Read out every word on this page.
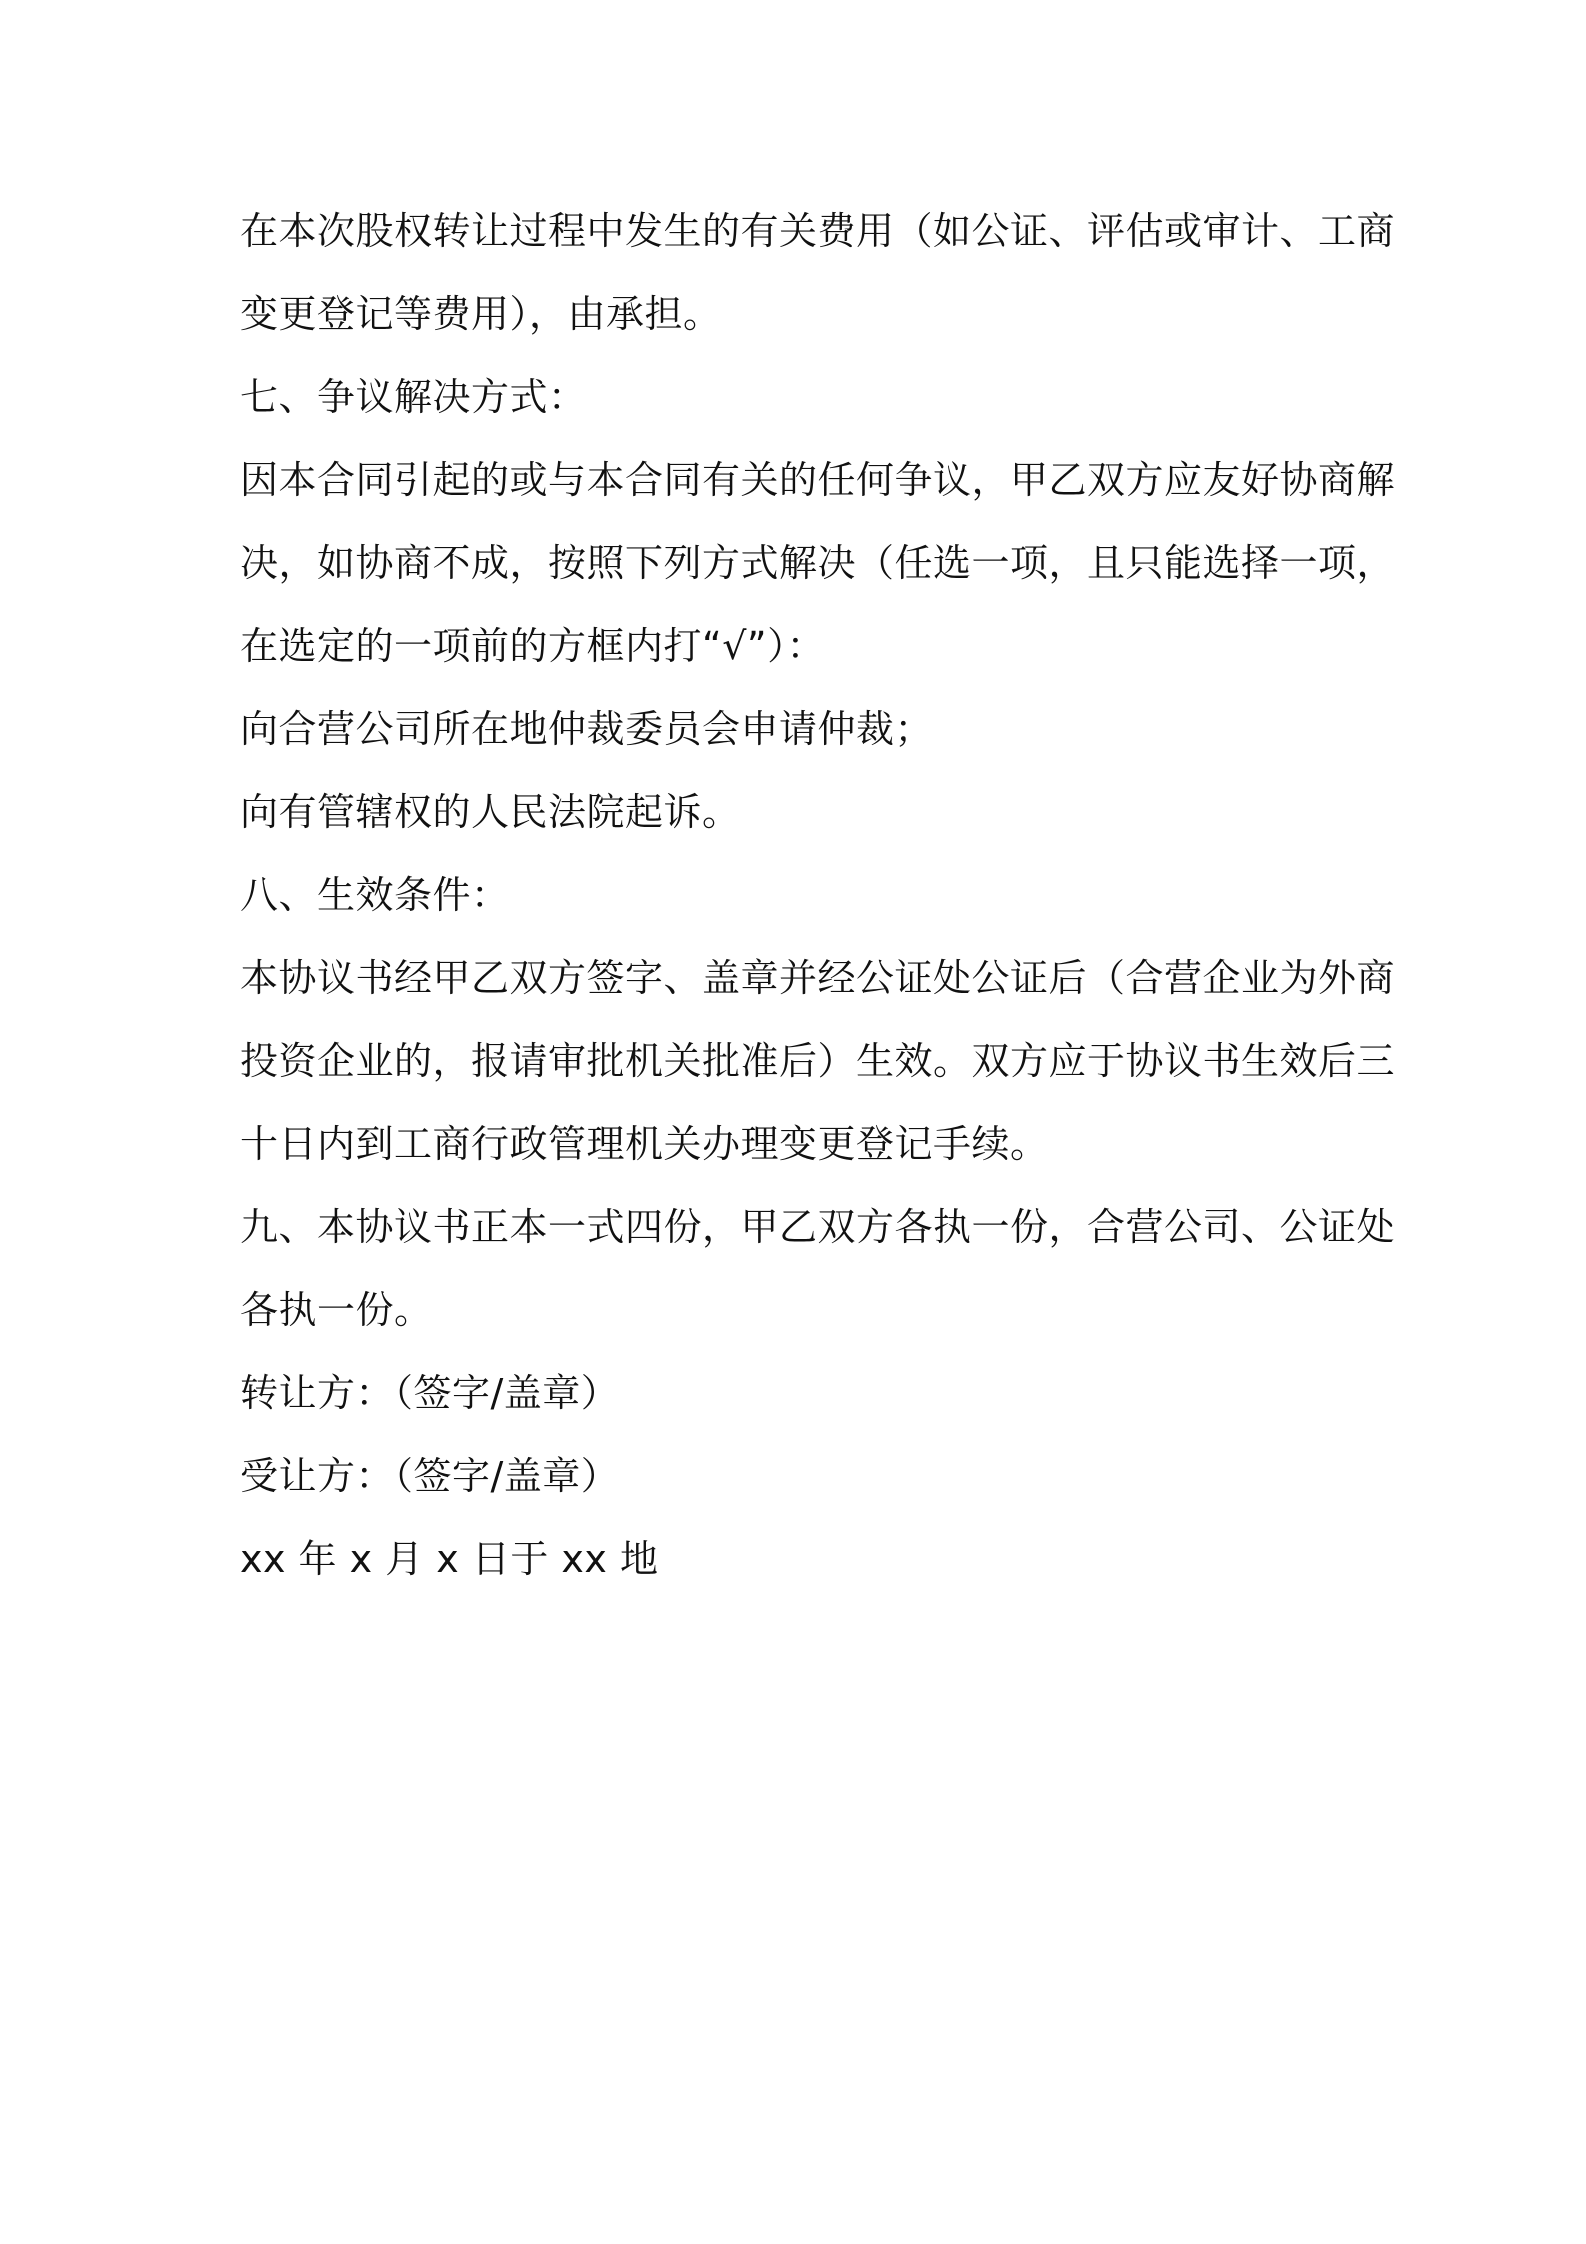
在本次股权转让过程中发生的有关费用（如公证、评估或审计、工商
变更登记等费用），由承担。
七、争议解决方式：
因本合同引起的或与本合同有关的任何争议，甲乙双方应友好协商解
决，如协商不成，按照下列方式解决（任选一项，且只能选择一项，
在选定的一项前的方框内打“√”）：
向合营公司所在地仲裁委员会申请仲裁；
向有管辖权的人民法院起诉。
八、生效条件：
本协议书经甲乙双方签字、盖章并经公证处公证后（合营企业为外商
投资企业的，报请审批机关批准后）生效。双方应于协议书生效后三
十日内到工商行政管理机关办理变更登记手续。
九、本协议书正本一式四份，甲乙双方各执一份，合营公司、公证处
各执一份。
转让方：（签字/盖章）
受让方：（签字/盖章）
xx 年 x 月 x 日于 xx 地
